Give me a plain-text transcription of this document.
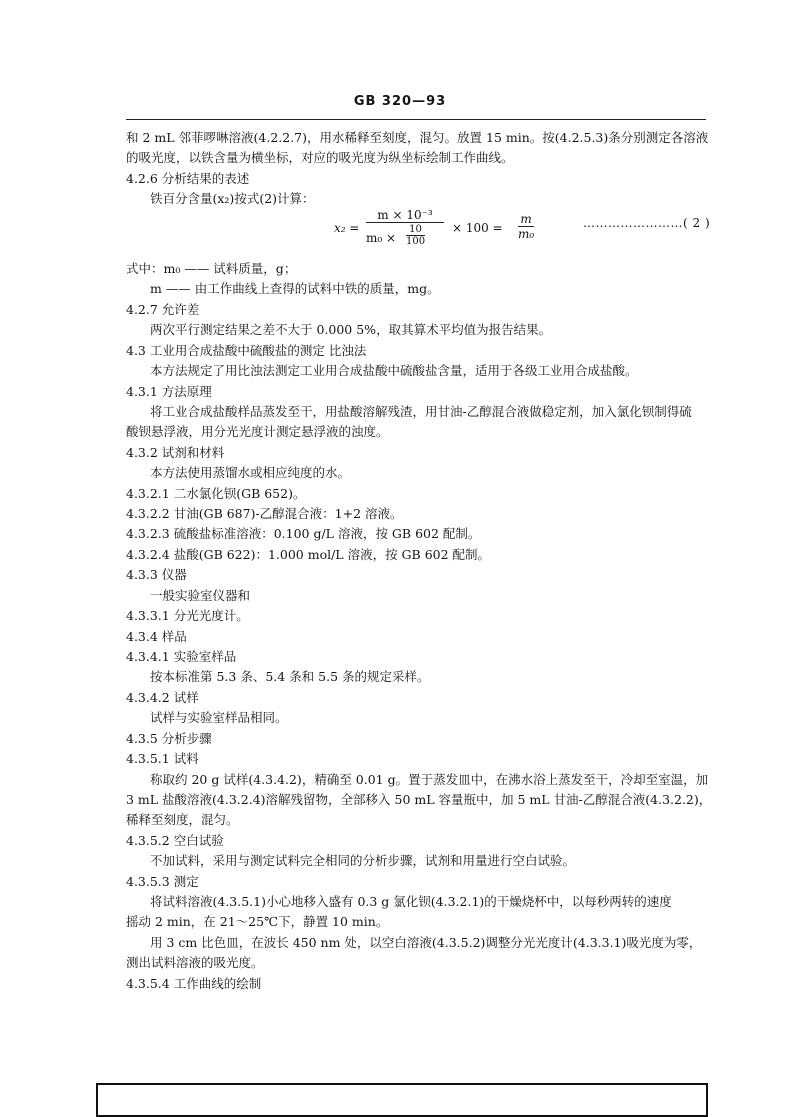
GB 320—93
和 2 mL 邻菲啰啉溶液(4.2.2.7)，用水稀释至刻度，混匀。放置 15 min。按(4.2.5.3)条分别测定各溶液
的吸光度，以铁含量为横坐标，对应的吸光度为纵坐标绘制工作曲线。
4.2.6 分析结果的表述
铁百分含量(x₂)按式(2)计算：
$x_2 = \frac{\text{m × 10⁻³}}{m_0 \times \frac{10}{100}} \times 100 = \frac{m}{\text{m₀}}$	……………………( 2 )
式中：m₀ —— 试料质量，g；
m —— 由工作曲线上查得的试料中铁的质量，mg。
4.2.7 允许差
两次平行测定结果之差不大于 0.000 5%，取其算术平均值为报告结果。
4.3 工业用合成盐酸中硫酸盐的测定 比浊法
本方法规定了用比浊法测定工业用合成盐酸中硫酸盐含量，适用于各级工业用合成盐酸。
4.3.1 方法原理
将工业合成盐酸样品蒸发至干，用盐酸溶解残渣，用甘油-乙醇混合液做稳定剂，加入氯化钡制得硫
酸钡悬浮液，用分光光度计测定悬浮液的浊度。
4.3.2 试剂和材料
本方法使用蒸馏水或相应纯度的水。
4.3.2.1 二水氯化钡(GB 652)。
4.3.2.2 甘油(GB 687)-乙醇混合液：1+2 溶液。
4.3.2.3 硫酸盐标准溶液：0.100 g/L 溶液，按 GB 602 配制。
4.3.2.4 盐酸(GB 622)：1.000 mol/L 溶液，按 GB 602 配制。
4.3.3 仪器
一般实验室仪器和
4.3.3.1 分光光度计。
4.3.4 样品
4.3.4.1 实验室样品
按本标准第 5.3 条、5.4 条和 5.5 条的规定采样。
4.3.4.2 试样
试样与实验室样品相同。
4.3.5 分析步骤
4.3.5.1 试料
称取约 20 g 试样(4.3.4.2)，精确至 0.01 g。置于蒸发皿中，在沸水浴上蒸发至干，冷却至室温，加
3 mL 盐酸溶液(4.3.2.4)溶解残留物，全部移入 50 mL 容量瓶中，加 5 mL 甘油-乙醇混合液(4.3.2.2)，
稀释至刻度，混匀。
4.3.5.2 空白试验
不加试料，采用与测定试料完全相同的分析步骤，试剂和用量进行空白试验。
4.3.5.3 测定
将试料溶液(4.3.5.1)小心地移入盛有 0.3 g 氯化钡(4.3.2.1)的干燥烧杯中，以每秒两转的速度
摇动 2 min，在 21～25℃下，静置 10 min。
用 3 cm 比色皿，在波长 450 nm 处，以空白溶液(4.3.5.2)调整分光光度计(4.3.3.1)吸光度为零，
测出试料溶液的吸光度。
4.3.5.4 工作曲线的绘制
